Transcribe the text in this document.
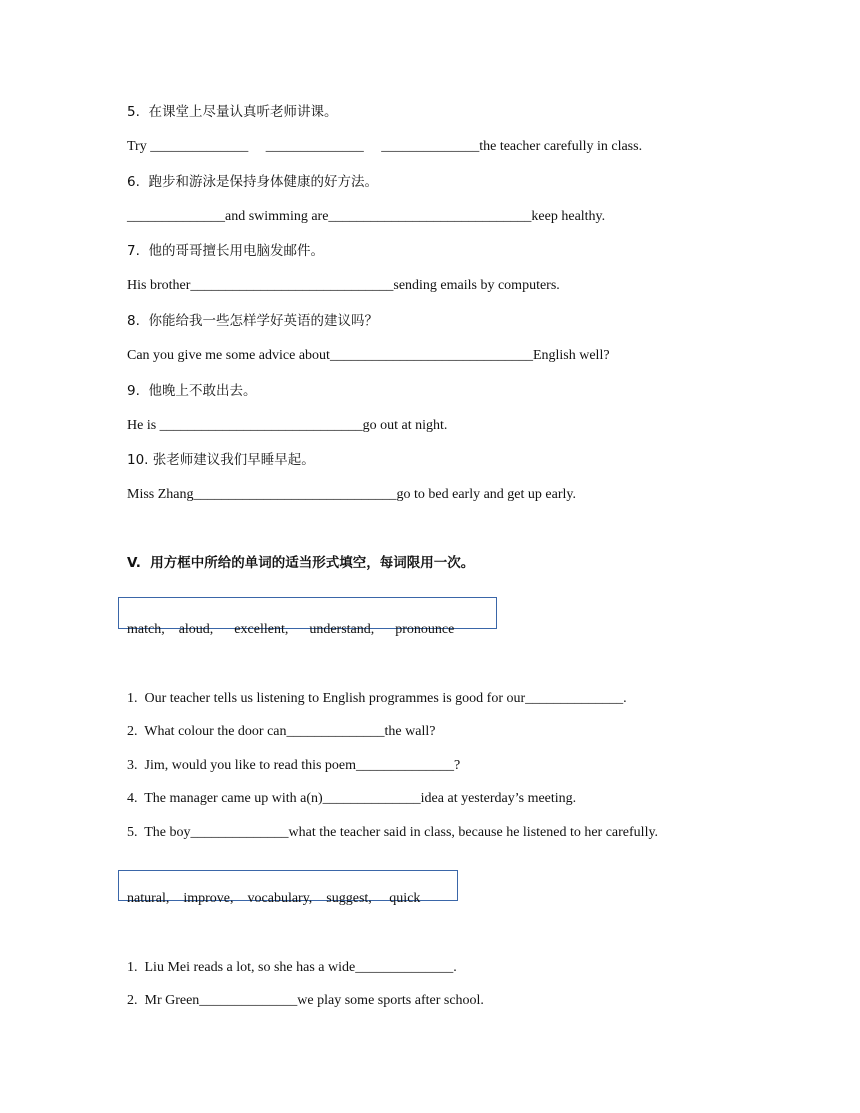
5.  在课堂上尽量认真听老师讲课。
Try ______________     ______________     ______________the teacher carefully in class.
6.  跑步和游泳是保持身体健康的好方法。
______________and swimming are_____________________________keep healthy.
7.  他的哥哥擅长用电脑发邮件。
His brother_____________________________sending emails by computers.
8.  你能给我一些怎样学好英语的建议吗？
Can you give me some advice about_____________________________English well?
9.  他晚上不敢出去。
He is _____________________________go out at night.
10. 张老师建议我们早睡早起。
Miss Zhang_____________________________go to bed early and get up early.
V.  用方框中所给的单词的适当形式填空，每词限用一次。
match,    aloud,      excellent,      understand,      pronounce
1.  Our teacher tells us listening to English programmes is good for our______________.
2.  What colour the door can______________the wall?
3.  Jim, would you like to read this poem______________?
4.  The manager came up with a(n)______________idea at yesterday’s meeting.
5.  The boy______________what the teacher said in class, because he listened to her carefully.
natural,    improve,    vocabulary,    suggest,     quick
1.  Liu Mei reads a lot, so she has a wide______________.
2.  Mr Green______________we play some sports after school.
